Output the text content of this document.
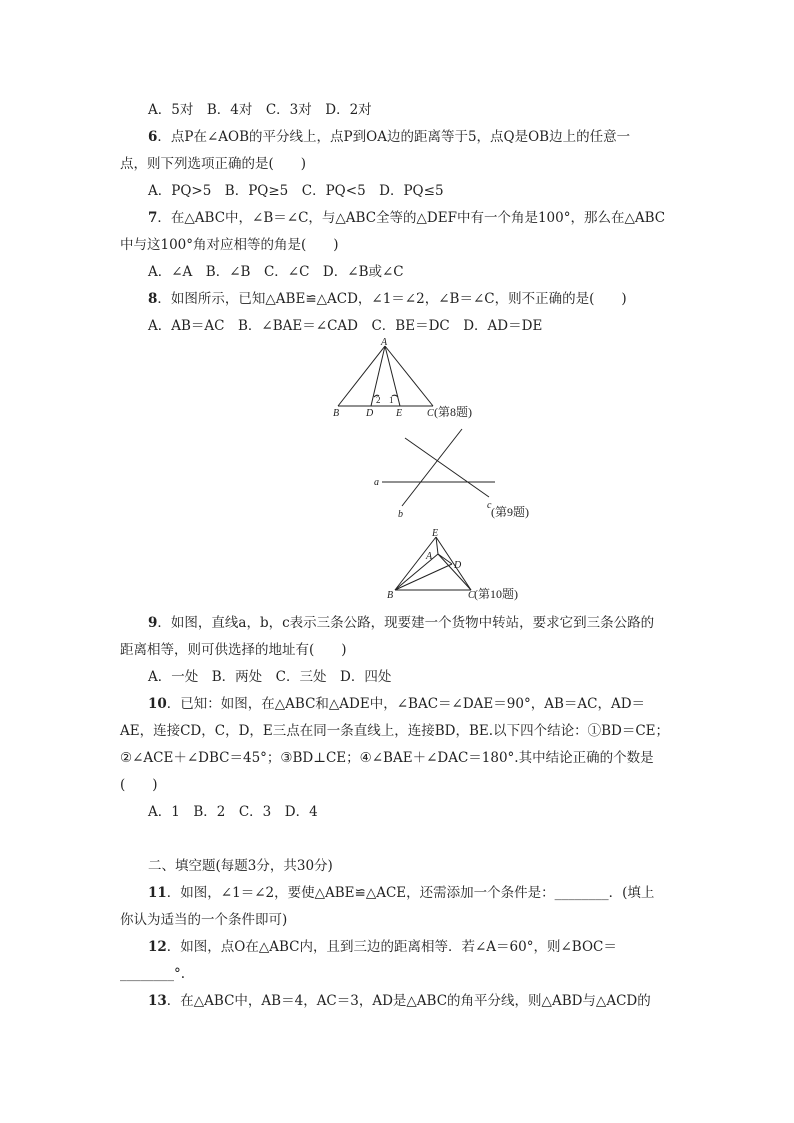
A．5对　B．4对　C．3对　D．2对
6．点P在∠AOB的平分线上，点P到OA边的距离等于5，点Q是OB边上的任意一
点，则下列选项正确的是(　　)
A．PQ>5　B．PQ≥5　C．PQ<5　D．PQ≤5
7．在△ABC中，∠B＝∠C，与△ABC全等的△DEF中有一个角是100°，那么在△ABC
中与这100°角对应相等的角是(　　)
A．∠A　B．∠B　C．∠C　D．∠B或∠C
8．如图所示，已知△ABE≌△ACD，∠1＝∠2，∠B＝∠C，则不正确的是(　　)
A．AB＝AC　B．∠BAE＝∠CAD　C．BE＝DC　D．AD＝DE
A
B	D E C
2 1
(第8题)
a
b
c (第9题)
E
A
D
B	C (第10题)
9．如图，直线a，b，c表示三条公路，现要建一个货物中转站，要求它到三条公路的
距离相等，则可供选择的地址有(　　)
A．一处　B．两处　C．三处　D．四处
10．已知：如图，在△ABC和△ADE中，∠BAC＝∠DAE＝90°，AB＝AC，AD＝
AE，连接CD，C，D，E三点在同一条直线上，连接BD，BE.以下四个结论：①BD＝CE；
②∠ACE＋∠DBC＝45°；③BD⊥CE；④∠BAE＋∠DAC＝180°.其中结论正确的个数是
(　　)
A．1　B．2　C．3　D．4
二、填空题(每题3分，共30分)
11．如图，∠1＝∠2，要使△ABE≌△ACE，还需添加一个条件是：________．(填上
你认为适当的一个条件即可)
12．如图，点O在△ABC内，且到三边的距离相等．若∠A＝60°，则∠BOC＝
________°.
13．在△ABC中，AB＝4，AC＝3，AD是△ABC的角平分线，则△ABD与△ACD的
